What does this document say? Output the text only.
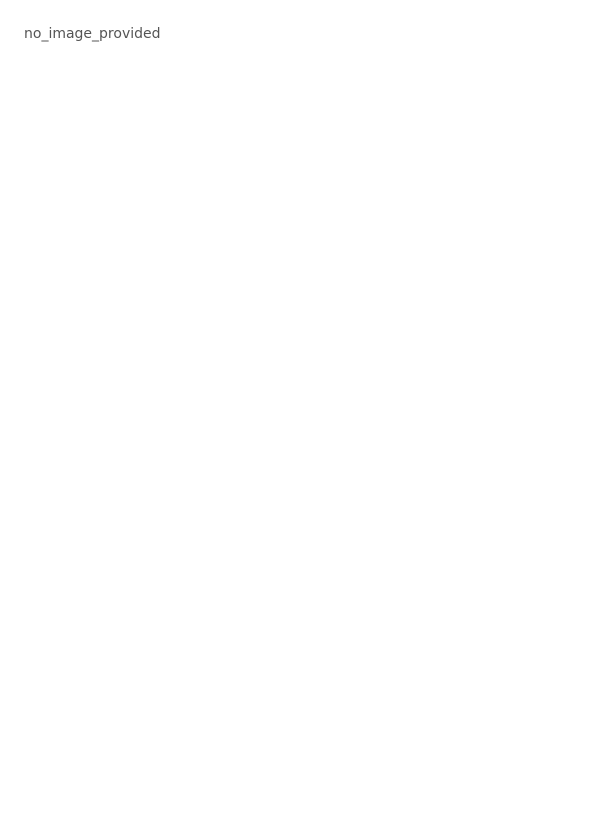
no_image_provided
